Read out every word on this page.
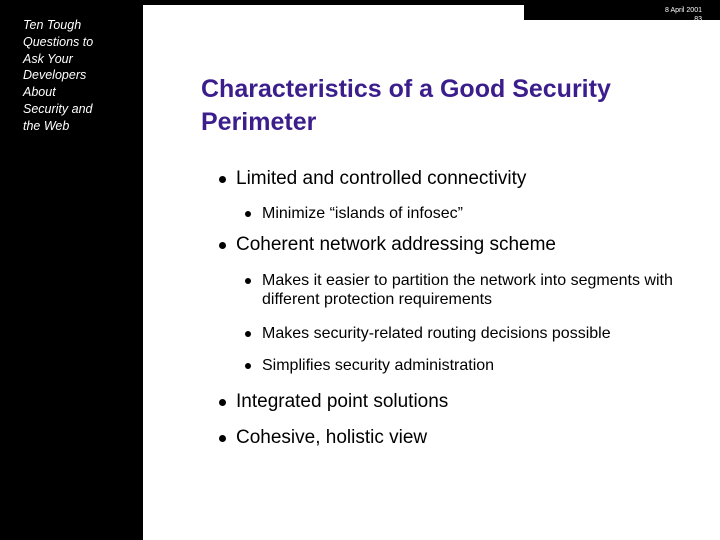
Ten Tough
Questions to
Ask Your
Developers
About
Security and
the Web
8 April 2001
83
Characteristics of a Good Security Perimeter
Limited and controlled connectivity
Minimize “islands of infosec”
Coherent network addressing scheme
Makes it easier to partition the network into segments with different protection requirements
Makes security-related routing decisions possible
Simplifies security administration
Integrated point solutions
Cohesive, holistic view
